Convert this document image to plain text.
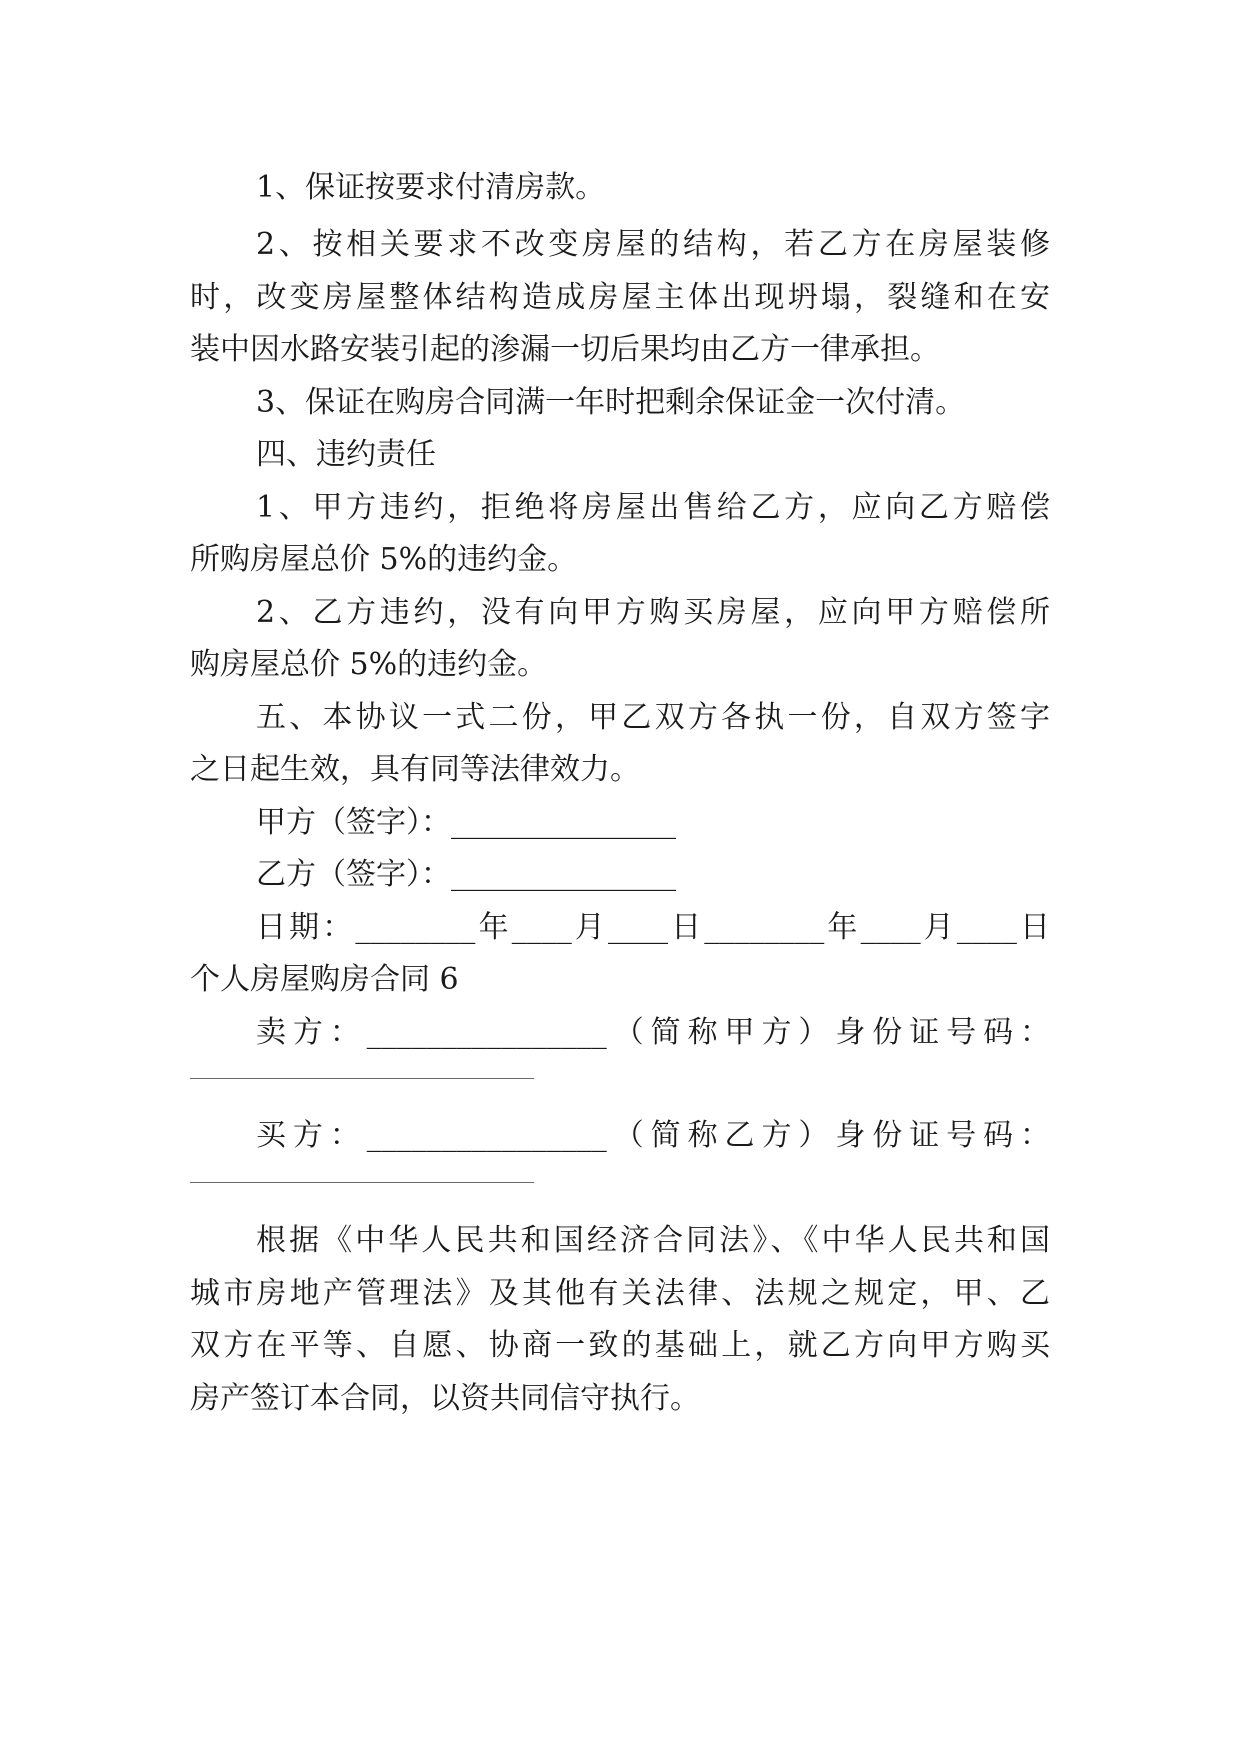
1、保证按要求付清房款。
2、按相关要求不改变房屋的结构，若乙方在房屋装修
时，改变房屋整体结构造成房屋主体出现坍塌，裂缝和在安
装中因水路安装引起的渗漏一切后果均由乙方一律承担。
3、保证在购房合同满一年时把剩余保证金一次付清。
四、违约责任
1、甲方违约，拒绝将房屋出售给乙方，应向乙方赔偿
所购房屋总价 5%的违约金。
2、乙方违约，没有向甲方购买房屋，应向甲方赔偿所
购房屋总价 5%的违约金。
五、本协议一式二份，甲乙双方各执一份，自双方签字
之日起生效，具有同等法律效力。
甲方（签字）：_______________
乙方（签字）：_______________
日期：________年____月____日________年____月____日
个人房屋购房合同 6
卖方：________________（简称甲方）身份证号码：
买方：________________（简称乙方）身份证号码：
根据《中华人民共和国经济合同法》、《中华人民共和国
城市房地产管理法》及其他有关法律、法规之规定，甲、乙
双方在平等、自愿、协商一致的基础上，就乙方向甲方购买
房产签订本合同，以资共同信守执行。
